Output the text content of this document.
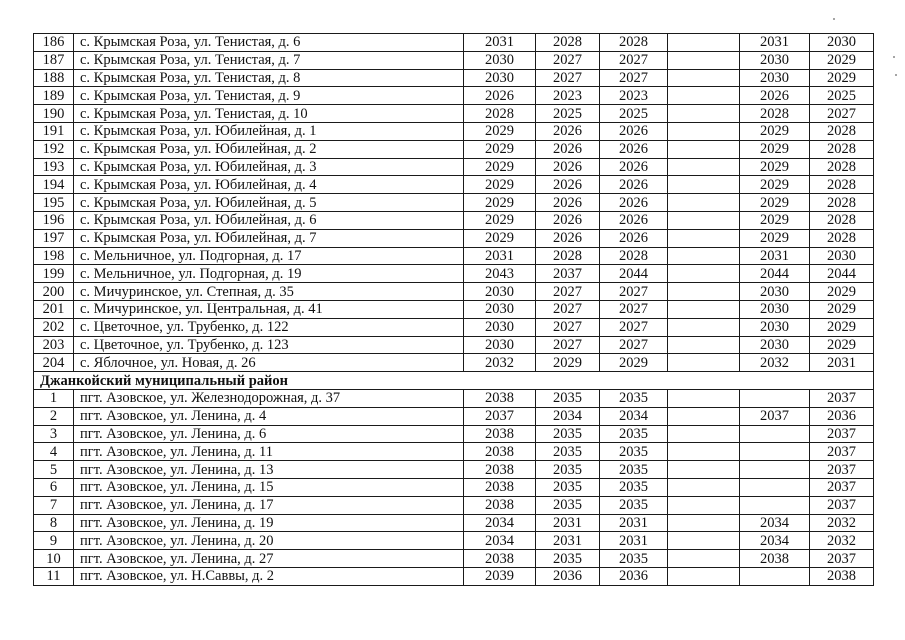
186	с. Крымская Роза, ул. Тенистая, д. 6	2031	2028	2028		2031	2030
187	с. Крымская Роза, ул. Тенистая, д. 7	2030	2027	2027		2030	2029
188	с. Крымская Роза, ул. Тенистая, д. 8	2030	2027	2027		2030	2029
189	с. Крымская Роза, ул. Тенистая, д. 9	2026	2023	2023		2026	2025
190	с. Крымская Роза, ул. Тенистая, д. 10	2028	2025	2025		2028	2027
191	с. Крымская Роза, ул. Юбилейная, д. 1	2029	2026	2026		2029	2028
192	с. Крымская Роза, ул. Юбилейная, д. 2	2029	2026	2026		2029	2028
193	с. Крымская Роза, ул. Юбилейная, д. 3	2029	2026	2026		2029	2028
194	с. Крымская Роза, ул. Юбилейная, д. 4	2029	2026	2026		2029	2028
195	с. Крымская Роза, ул. Юбилейная, д. 5	2029	2026	2026		2029	2028
196	с. Крымская Роза, ул. Юбилейная, д. 6	2029	2026	2026		2029	2028
197	с. Крымская Роза, ул. Юбилейная, д. 7	2029	2026	2026		2029	2028
198	с. Мельничное, ул. Подгорная, д. 17	2031	2028	2028		2031	2030
199	с. Мельничное, ул. Подгорная, д. 19	2043	2037	2044		2044	2044
200	с. Мичуринское, ул. Степная, д. 35	2030	2027	2027		2030	2029
201	с. Мичуринское, ул. Центральная, д. 41	2030	2027	2027		2030	2029
202	с. Цветочное, ул. Трубенко, д. 122	2030	2027	2027		2030	2029
203	с. Цветочное, ул. Трубенко, д. 123	2030	2027	2027		2030	2029
204	с. Яблочное, ул. Новая, д. 26	2032	2029	2029		2032	2031
Джанкойский муниципальный район							
1	пгт. Азовское, ул. Железнодорожная, д. 37	2038	2035	2035			2037
2	пгт. Азовское, ул. Ленина, д. 4	2037	2034	2034		2037	2036
3	пгт. Азовское, ул. Ленина, д. 6	2038	2035	2035			2037
4	пгт. Азовское, ул. Ленина, д. 11	2038	2035	2035			2037
5	пгт. Азовское, ул. Ленина, д. 13	2038	2035	2035			2037
6	пгт. Азовское, ул. Ленина, д. 15	2038	2035	2035			2037
7	пгт. Азовское, ул. Ленина, д. 17	2038	2035	2035			2037
8	пгт. Азовское, ул. Ленина, д. 19	2034	2031	2031		2034	2032
9	пгт. Азовское, ул. Ленина, д. 20	2034	2031	2031		2034	2032
10	пгт. Азовское, ул. Ленина, д. 27	2038	2035	2035		2038	2037
11	пгт. Азовское, ул. Н.Саввы, д. 2	2039	2036	2036			2038
